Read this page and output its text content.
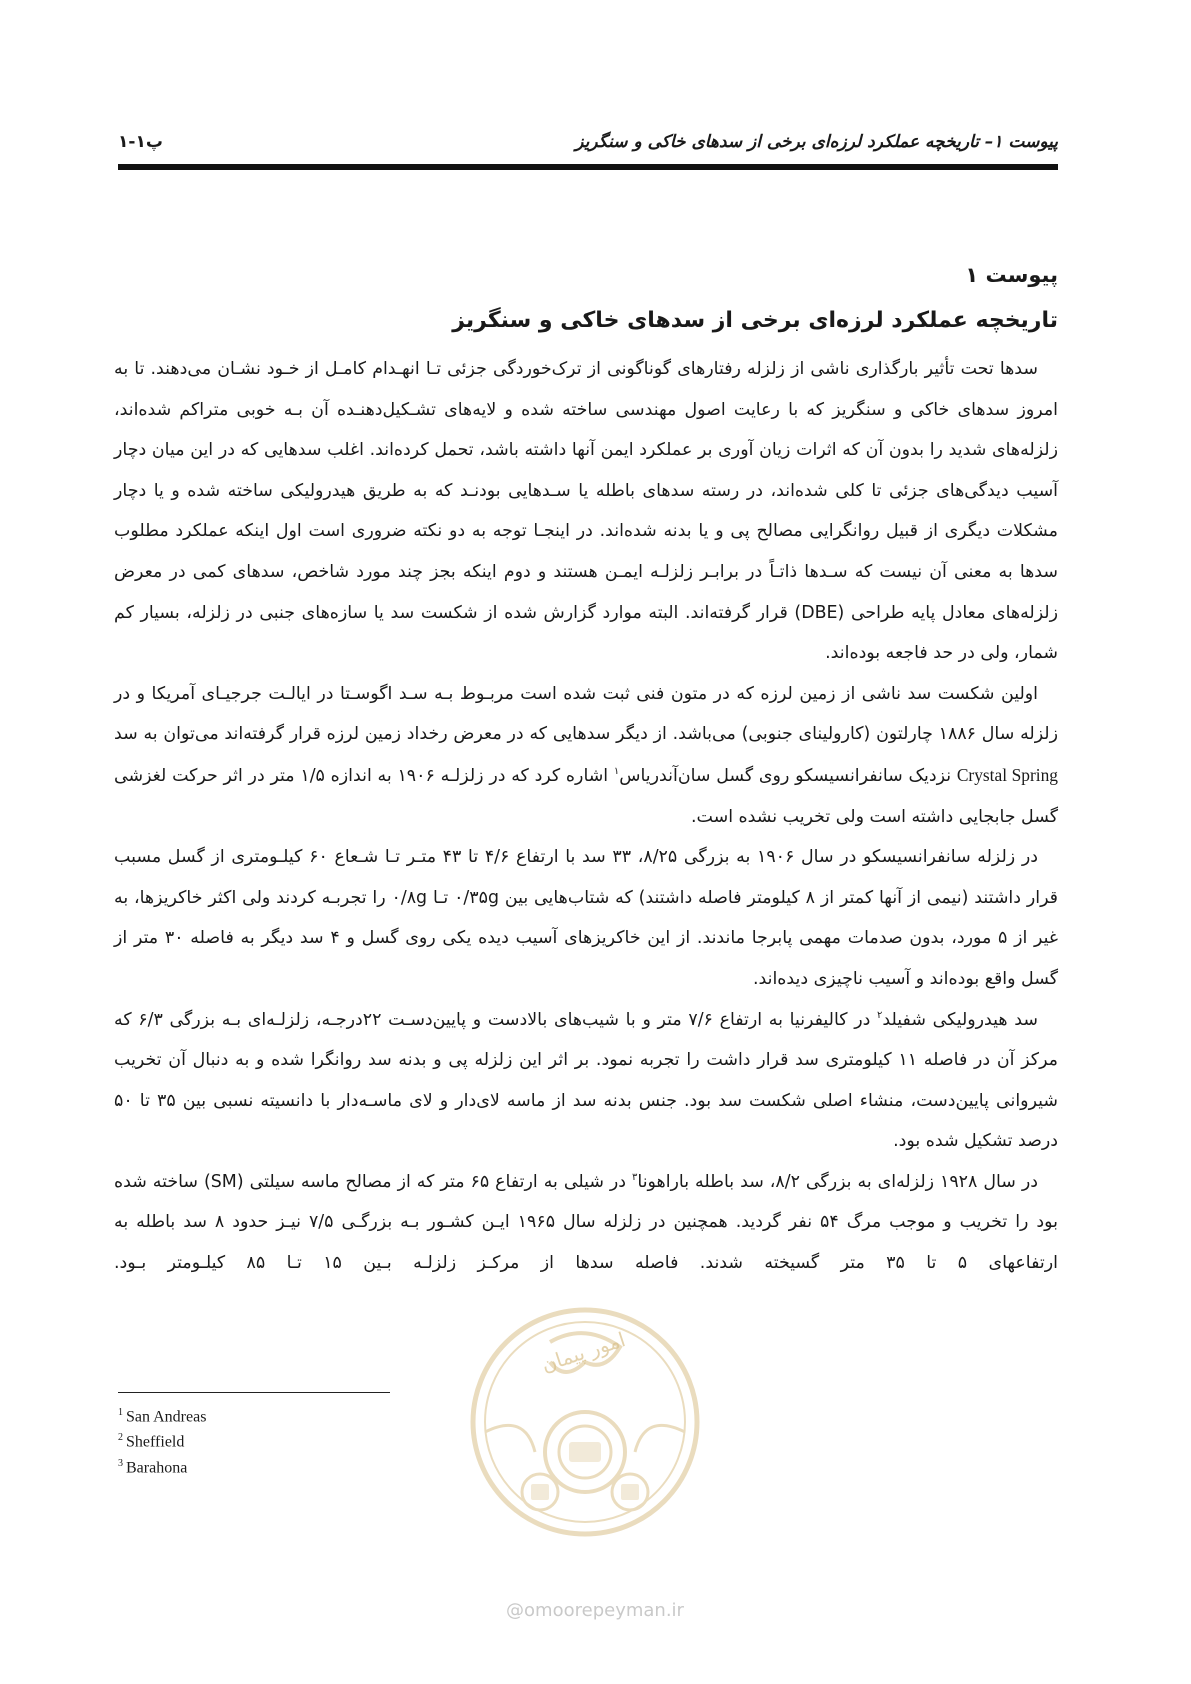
پیوست ۱– تاریخچه عملکرد لرزه‌ای برخی از سدهای خاکی و سنگریز
پ۱-۱
پیوست ۱
تاریخچه عملکرد لرزه‌ای برخی از سدهای خاکی و سنگریز

سدها تحت تأثیر بارگذاری ناشی از زلزله رفتارهای گوناگونی از ترک‌خوردگی جزئی تـا انهـدام کامـل از خـود نشـان می‌دهند. تا به امروز سدهای خاکی و سنگریز که با رعایت اصول مهندسی ساخته شده و لایه‌های تشـکیل‌دهنـده آن بـه خوبی متراکم شده‌اند، زلزله‌های شدید را بدون آن که اثرات زیان آوری بر عملکرد ایمن آنها داشته باشد، تحمل کرده‌اند. اغلب سدهایی که در این میان دچار آسیب دیدگی‌های جزئی تا کلی شده‌اند، در رسته سدهای باطله یا سـدهایی بودنـد که به طریق هیدرولیکی ساخته شده و یا دچار مشکلات دیگری از قبیل روانگرایی مصالح پی و یا بدنه شده‌اند. در اینجـا توجه به دو نکته ضروری است اول اینکه عملکرد مطلوب سدها به معنی آن نیست که سـدها ذاتـاً در برابـر زلزلـه ایمـن هستند و دوم اینکه بجز چند مورد شاخص، سدهای کمی در معرض زلزله‌های معادل پایه طراحی (DBE) قرار گرفته‌اند. البته موارد گزارش شده از شکست سد یا سازه‌های جنبی در زلزله، بسیار کم شمار، ولی در حد فاجعه بوده‌اند.

اولین شکست سد ناشی از زمین لرزه که در متون فنی ثبت شده است مربـوط بـه سـد اگوسـتا در ایالـت جرجیـای آمریکا و در زلزله سال ۱۸۸۶ چارلتون (کارولینای جنوبی) می‌باشد. از دیگر سدهایی که در معرض رخداد زمین لرزه قرار گرفته‌اند می‌توان به سد Crystal Spring نزدیک سانفرانسیسکو روی گسل سان‌آندریاس$^۱$ اشاره کرد که در زلزلـه ۱۹۰۶ به اندازه ۱/۵ متر در اثر حرکت لغزشی گسل جابجایی داشته است ولی تخریب نشده است.

در زلزله سانفرانسیسکو در سال ۱۹۰۶ به بزرگی ۸/۲۵، ۳۳ سد با ارتفاع ۴/۶ تا ۴۳ متـر تـا شـعاع ۶۰ کیلـومتری از گسل مسبب قرار داشتند (نیمی از آنها کمتر از ۸ کیلومتر فاصله داشتند) که شتاب‌هایی بین ۰/۳۵g تـا ۰/۸g را تجربـه کردند ولی اکثر خاکریزها، به غیر از ۵ مورد، بدون صدمات مهمی پابرجا ماندند. از این خاکریزهای آسیب دیده یکی روی گسل و ۴ سد دیگر به فاصله ۳۰ متر از گسل واقع بوده‌اند و آسیب ناچیزی دیده‌اند.

سد هیدرولیکی شفیلد$^۲$ در کالیفرنیا به ارتفاع ۷/۶ متر و با شیب‌های بالادست و پایین‌دسـت ۲۲درجـه، زلزلـه‌ای بـه بزرگی ۶/۳ که مرکز آن در فاصله ۱۱ کیلومتری سد قرار داشت را تجربه نمود. بر اثر این زلزله پی و بدنه سد روانگرا شده و به دنبال آن تخریب شیروانی پایین‌دست، منشاء اصلی شکست سد بود. جنس بدنه سد از ماسه لای‌دار و لای ماسـه‌دار با دانسیته نسبی بین ۳۵ تا ۵۰ درصد تشکیل شده بود.

در سال ۱۹۲۸ زلزله‌ای به بزرگی ۸/۲، سد باطله باراهونا$^۳$ در شیلی به ارتفاع ۶۵ متر که از مصالح ماسه سیلتی (SM) ساخته شده بود را تخریب و موجب مرگ ۵۴ نفر گردید. همچنین در زلزله سال ۱۹۶۵ ایـن کشـور بـه بزرگـی ۷/۵ نیـز حدود ۸ سد باطله به ارتفاعهای ۵ تا ۳۵ متر گسیخته شدند. فاصله سدها از مرکـز زلزلـه بـین ۱۵ تـا ۸۵ کیلـومتر بـود.

امور پیمان
@omoorepeyman.ir
$^1$ San Andreas
$^2$ Sheffield
$^3$ Barahona
